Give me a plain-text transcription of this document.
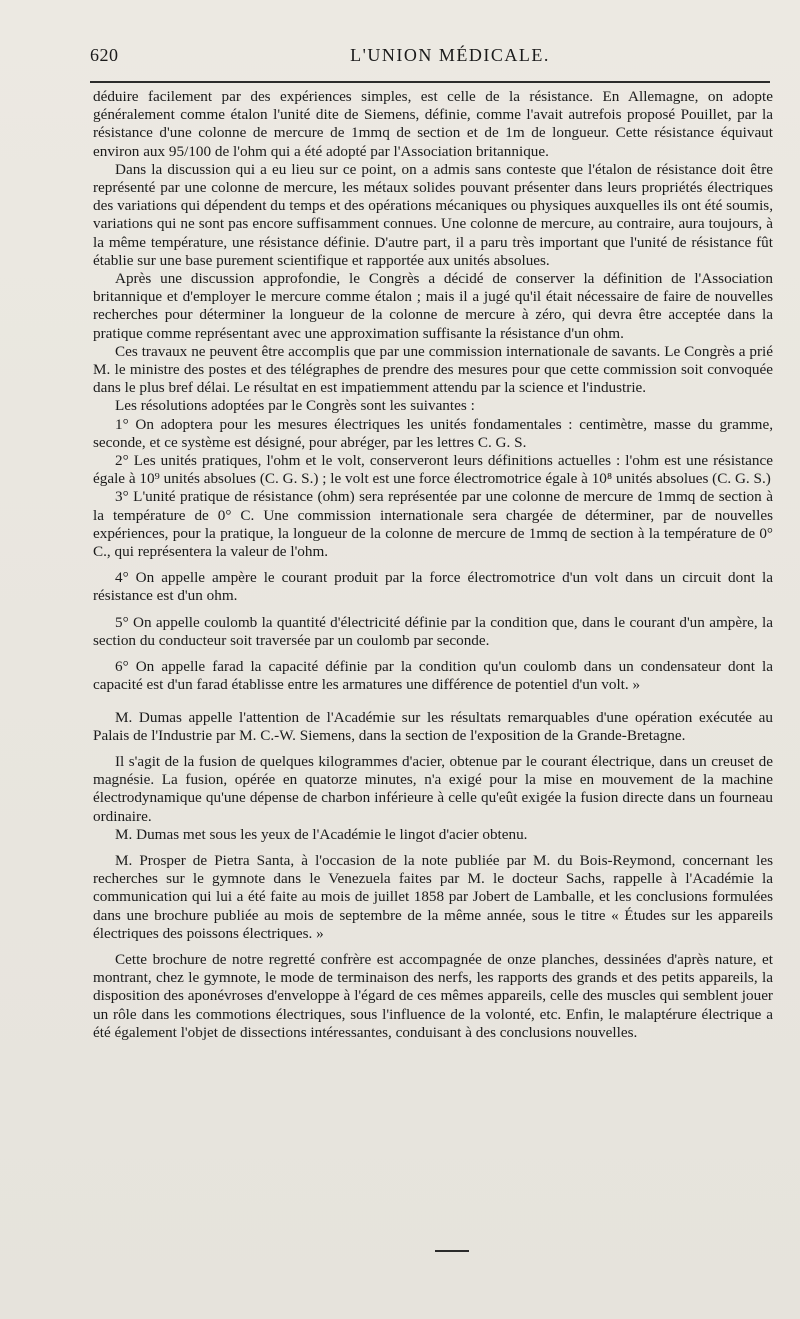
620	L'UNION MÉDICALE.

déduire facilement par des expériences simples, est celle de la résistance. En Allemagne, on adopte généralement comme étalon l'unité dite de Siemens, définie, comme l'avait autrefois proposé Pouillet, par la résistance d'une colonne de mercure de 1mmq de section et de 1m de longueur. Cette résistance équivaut environ aux 95/100 de l'ohm qui a été adopté par l'Association britannique.

Dans la discussion qui a eu lieu sur ce point, on a admis sans conteste que l'étalon de résistance doit être représenté par une colonne de mercure, les métaux solides pouvant présenter dans leurs propriétés électriques des variations qui dépendent du temps et des opérations mécaniques ou physiques auxquelles ils ont été soumis, variations qui ne sont pas encore suffisamment connues. Une colonne de mercure, au contraire, aura toujours, à la même température, une résistance définie. D'autre part, il a paru très important que l'unité de résistance fût établie sur une base purement scientifique et rapportée aux unités absolues.

Après une discussion approfondie, le Congrès a décidé de conserver la définition de l'Association britannique et d'employer le mercure comme étalon ; mais il a jugé qu'il était nécessaire de faire de nouvelles recherches pour déterminer la longueur de la colonne de mercure à zéro, qui devra être acceptée dans la pratique comme représentant avec une approximation suffisante la résistance d'un ohm.

Ces travaux ne peuvent être accomplis que par une commission internationale de savants. Le Congrès a prié M. le ministre des postes et des télégraphes de prendre des mesures pour que cette commission soit convoquée dans le plus bref délai. Le résultat en est impatiemment attendu par la science et l'industrie.

Les résolutions adoptées par le Congrès sont les suivantes :

1° On adoptera pour les mesures électriques les unités fondamentales : centimètre, masse du gramme, seconde, et ce système est désigné, pour abréger, par les lettres C. G. S.

2° Les unités pratiques, l'ohm et le volt, conserveront leurs définitions actuelles : l'ohm est une résistance égale à 10⁹ unités absolues (C. G. S.) ; le volt est une force électromotrice égale à 10⁸ unités absolues (C. G. S.)

3° L'unité pratique de résistance (ohm) sera représentée par une colonne de mercure de 1mmq de section à la température de 0° C. Une commission internationale sera chargée de déterminer, par de nouvelles expériences, pour la pratique, la longueur de la colonne de mercure de 1mmq de section à la température de 0° C., qui représentera la valeur de l'ohm.

4° On appelle ampère le courant produit par la force électromotrice d'un volt dans un circuit dont la résistance est d'un ohm.

5° On appelle coulomb la quantité d'électricité définie par la condition que, dans le courant d'un ampère, la section du conducteur soit traversée par un coulomb par seconde.

6° On appelle farad la capacité définie par la condition qu'un coulomb dans un condensateur dont la capacité est d'un farad établisse entre les armatures une différence de potentiel d'un volt. »

M. Dumas appelle l'attention de l'Académie sur les résultats remarquables d'une opération exécutée au Palais de l'Industrie par M. C.-W. Siemens, dans la section de l'exposition de la Grande-Bretagne.

Il s'agit de la fusion de quelques kilogrammes d'acier, obtenue par le courant électrique, dans un creuset de magnésie. La fusion, opérée en quatorze minutes, n'a exigé pour la mise en mouvement de la machine électrodynamique qu'une dépense de charbon inférieure à celle qu'eût exigée la fusion directe dans un fourneau ordinaire.

M. Dumas met sous les yeux de l'Académie le lingot d'acier obtenu.

M. Prosper de Pietra Santa, à l'occasion de la note publiée par M. du Bois-Reymond, concernant les recherches sur le gymnote dans le Venezuela faites par M. le docteur Sachs, rappelle à l'Académie la communication qui lui a été faite au mois de juillet 1858 par Jobert de Lamballe, et les conclusions formulées dans une brochure publiée au mois de septembre de la même année, sous le titre « Études sur les appareils électriques des poissons électriques. »

Cette brochure de notre regretté confrère est accompagnée de onze planches, dessinées d'après nature, et montrant, chez le gymnote, le mode de terminaison des nerfs, les rapports des grands et des petits appareils, la disposition des aponévroses d'enveloppe à l'égard de ces mêmes appareils, celle des muscles qui semblent jouer un rôle dans les commotions électriques, sous l'influence de la volonté, etc. Enfin, le malaptérure électrique a été également l'objet de dissections intéressantes, conduisant à des conclusions nouvelles.
